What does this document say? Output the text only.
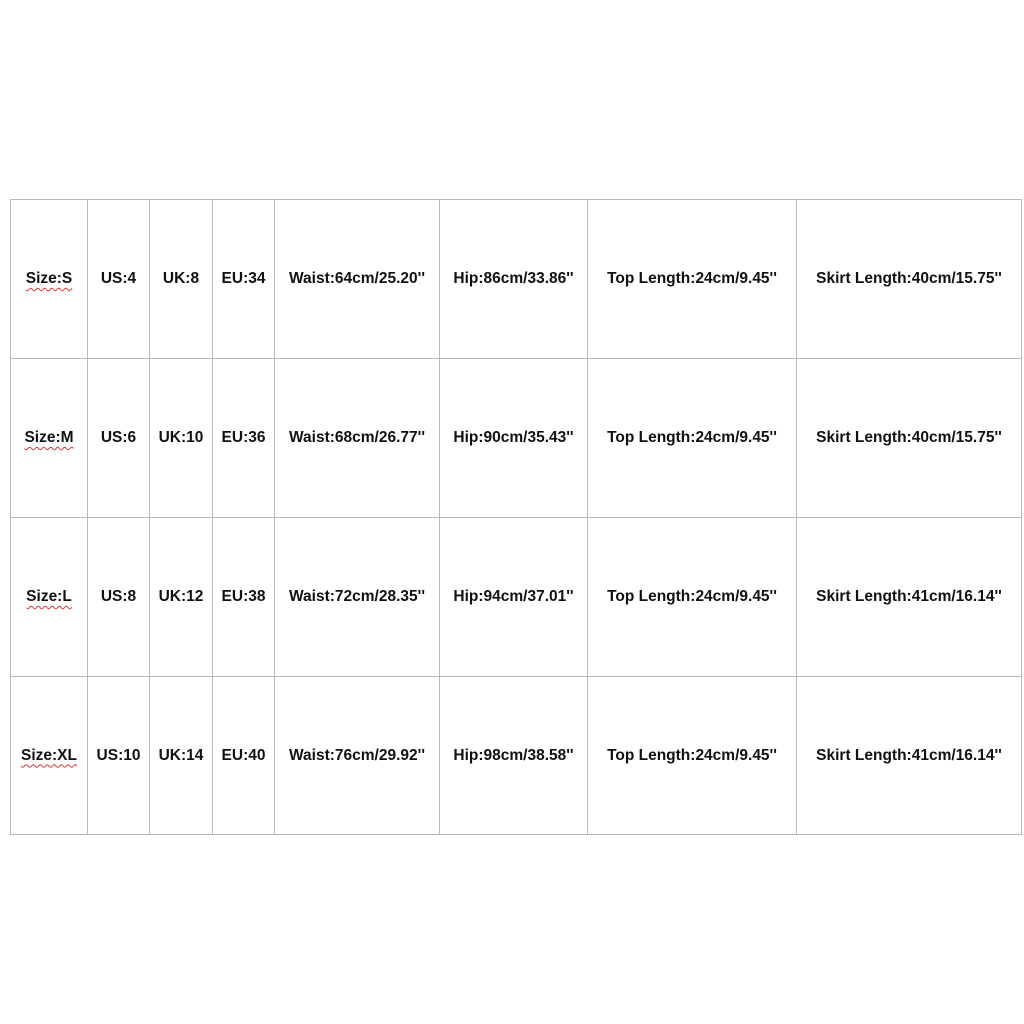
Size:S	US:4	UK:8	EU:34	Waist:64cm/25.20''	Hip:86cm/33.86''	Top Length:24cm/9.45''	Skirt Length:40cm/15.75''
Size:M	US:6	UK:10	EU:36	Waist:68cm/26.77''	Hip:90cm/35.43''	Top Length:24cm/9.45''	Skirt Length:40cm/15.75''
Size:L	US:8	UK:12	EU:38	Waist:72cm/28.35''	Hip:94cm/37.01''	Top Length:24cm/9.45''	Skirt Length:41cm/16.14''
Size:XL	US:10	UK:14	EU:40	Waist:76cm/29.92''	Hip:98cm/38.58''	Top Length:24cm/9.45''	Skirt Length:41cm/16.14''
